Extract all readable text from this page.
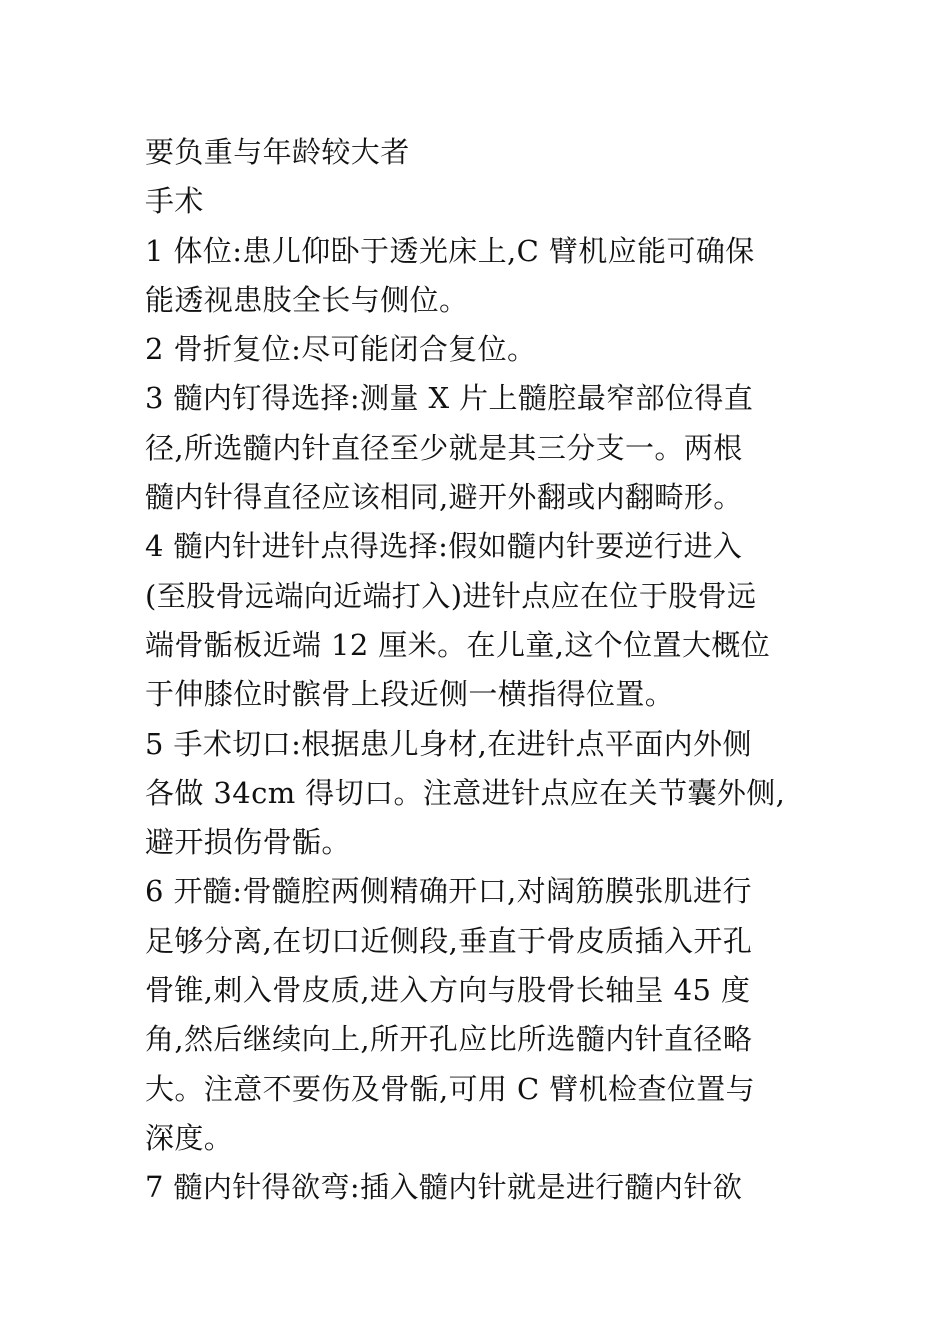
要负重与年龄较大者
手术
1 体位:患儿仰卧于透光床上,C 臂机应能可确保
能透视患肢全长与侧位。
2 骨折复位:尽可能闭合复位。
3 髓内钉得选择:测量 X 片上髓腔最窄部位得直
径,所选髓内针直径至少就是其三分支一。两根
髓内针得直径应该相同,避开外翻或内翻畸形。
4 髓内针进针点得选择:假如髓内针要逆行进入
(至股骨远端向近端打入)进针点应在位于股骨远
端骨骺板近端 12 厘米。在儿童,这个位置大概位
于伸膝位时髌骨上段近侧一横指得位置。
5 手术切口:根据患儿身材,在进针点平面内外侧
各做 34cm 得切口。注意进针点应在关节囊外侧,
避开损伤骨骺。
6 开髓:骨髓腔两侧精确开口,对阔筋膜张肌进行
足够分离,在切口近侧段,垂直于骨皮质插入开孔
骨锥,刺入骨皮质,进入方向与股骨长轴呈 45 度
角,然后继续向上,所开孔应比所选髓内针直径略
大。注意不要伤及骨骺,可用 C 臂机检查位置与
深度。
7 髓内针得欲弯:插入髓内针就是进行髓内针欲
